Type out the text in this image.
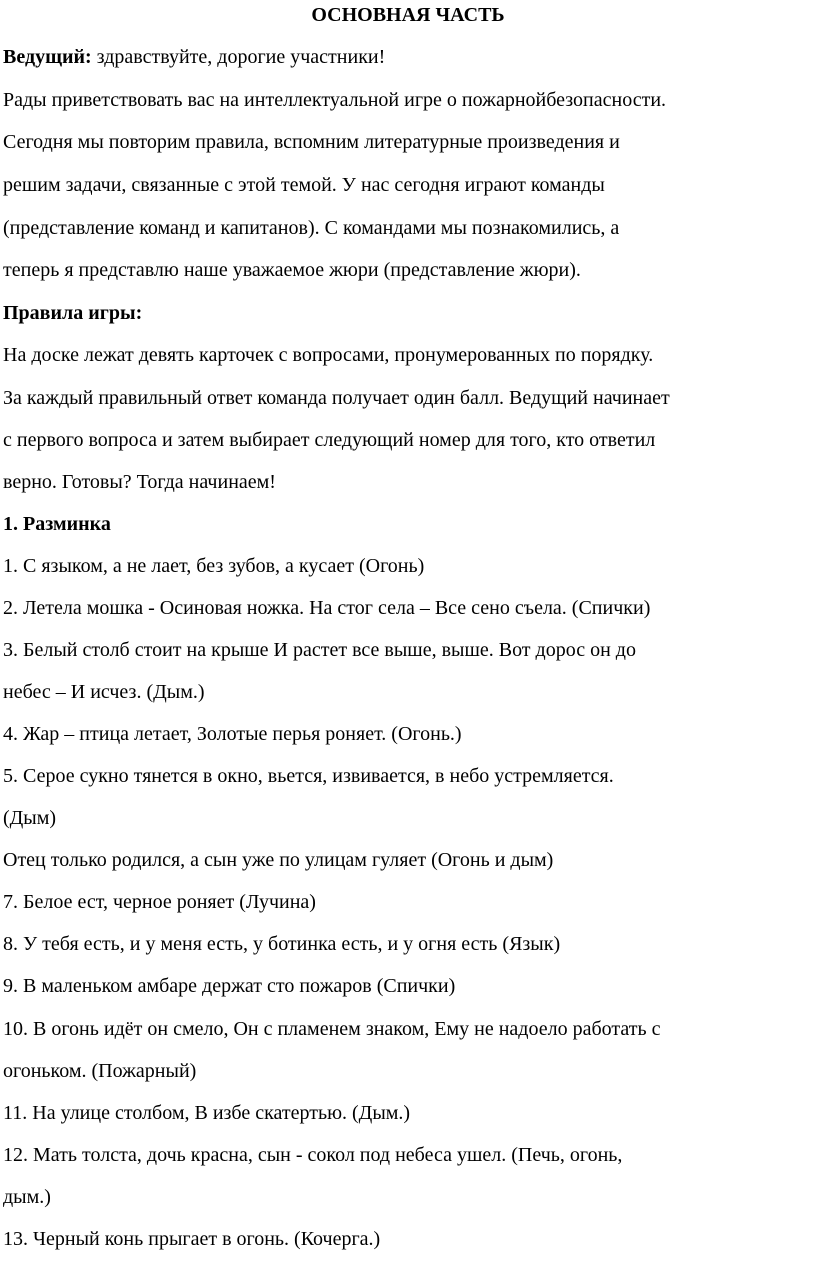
ОСНОВНАЯ ЧАСТЬ
Ведущий: здравствуйте, дорогие участники!
Рады приветствовать вас на интеллектуальной игре о пожарнойбезопасности.
Сегодня мы повторим правила, вспомним литературные произведения и
решим задачи, связанные с этой темой. У нас сегодня играют команды
(представление команд и капитанов). С командами мы познакомились, а
теперь я представлю наше уважаемое жюри (представление жюри).
Правила игры:
На доске лежат девять карточек с вопросами, пронумерованных по порядку.
За каждый правильный ответ команда получает один балл. Ведущий начинает
с первого вопроса и затем выбирает следующий номер для того, кто ответил
верно. Готовы? Тогда начинаем!
1. Разминка
1. С языком, а не лает, без зубов, а кусает (Огонь)
2. Летела мошка - Осиновая ножка. На стог села – Все сено съела. (Спички)
3. Белый столб стоит на крыше И растет все выше, выше. Вот дорос он до
небес – И исчез. (Дым.)
4. Жар – птица летает, Золотые перья роняет. (Огонь.)
5. Серое сукно тянется в окно, вьется, извивается, в небо устремляется.
(Дым)
Отец только родился, а сын уже по улицам гуляет (Огонь и дым)
7. Белое ест, черное роняет (Лучина)
8. У тебя есть, и у меня есть, у ботинка есть, и у огня есть (Язык)
9. В маленьком амбаре держат сто пожаров (Спички)
10. В огонь идёт он смело, Он с пламенем знаком, Ему не надоело работать с
огоньком. (Пожарный)
11. На улице столбом, В избе скатертью. (Дым.)
12. Мать толста, дочь красна, сын - сокол под небеса ушел. (Печь, огонь,
дым.)
13. Черный конь прыгает в огонь. (Кочерга.)
